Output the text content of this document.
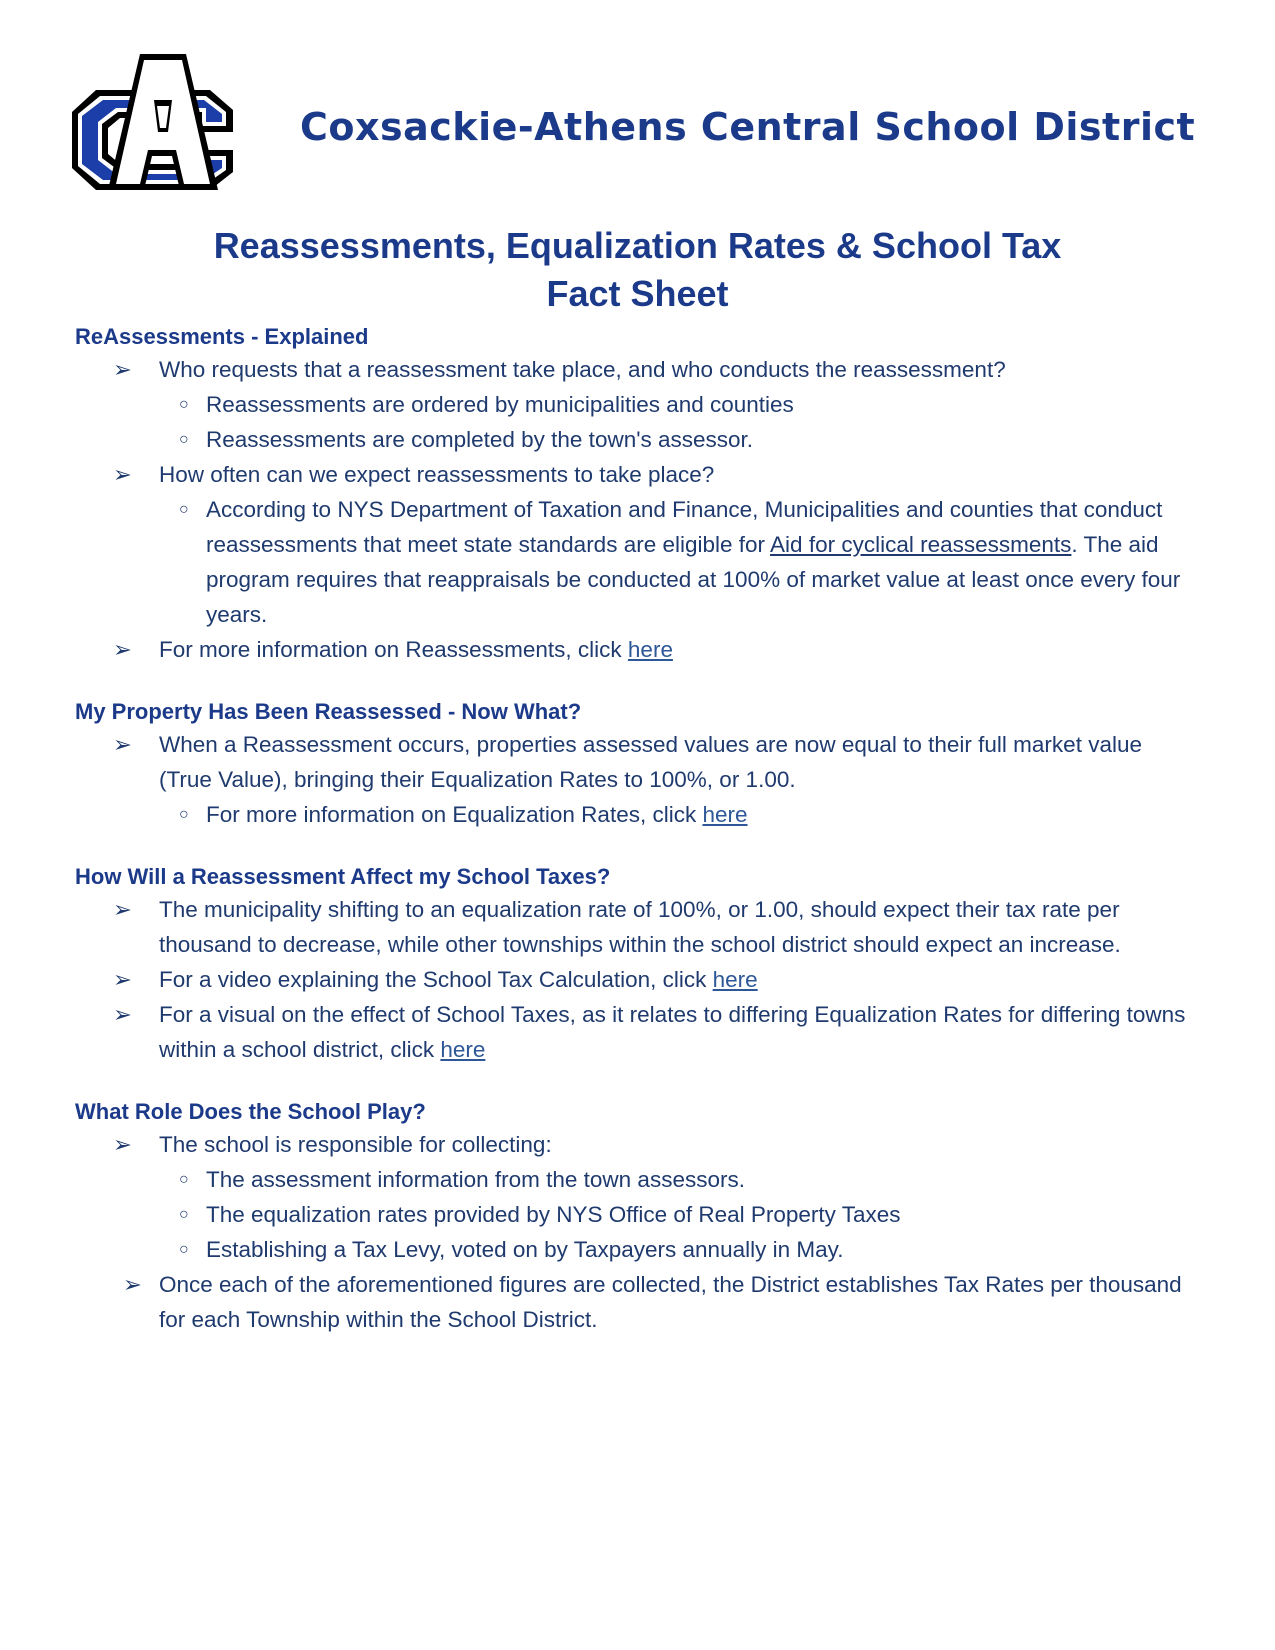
Coxsackie-Athens Central School District
Reassessments, Equalization Rates & School Tax
Fact Sheet
ReAssessments - Explained
➢ Who requests that a reassessment take place, and who conducts the reassessment?
○ Reassessments are ordered by municipalities and counties
○ Reassessments are completed by the town's assessor.
➢ How often can we expect reassessments to take place?
○ According to NYS Department of Taxation and Finance, Municipalities and counties that conduct reassessments that meet state standards are eligible for Aid for cyclical reassessments. The aid program requires that reappraisals be conducted at 100% of market value at least once every four years.
➢ For more information on Reassessments, click here
My Property Has Been Reassessed - Now What?
➢ When a Reassessment occurs, properties assessed values are now equal to their full market value (True Value), bringing their Equalization Rates to 100%, or 1.00.
○ For more information on Equalization Rates, click here
How Will a Reassessment Affect my School Taxes?
➢ The municipality shifting to an equalization rate of 100%, or 1.00, should expect their tax rate per thousand to decrease, while other townships within the school district should expect an increase.
➢ For a video explaining the School Tax Calculation, click here
➢ For a visual on the effect of School Taxes, as it relates to differing Equalization Rates for differing towns within a school district, click here
What Role Does the School Play?
➢ The school is responsible for collecting:
○ The assessment information from the town assessors.
○ The equalization rates provided by NYS Office of Real Property Taxes
○ Establishing a Tax Levy, voted on by Taxpayers annually in May.
➢ Once each of the aforementioned figures are collected, the District establishes Tax Rates per thousand for each Township within the School District.
